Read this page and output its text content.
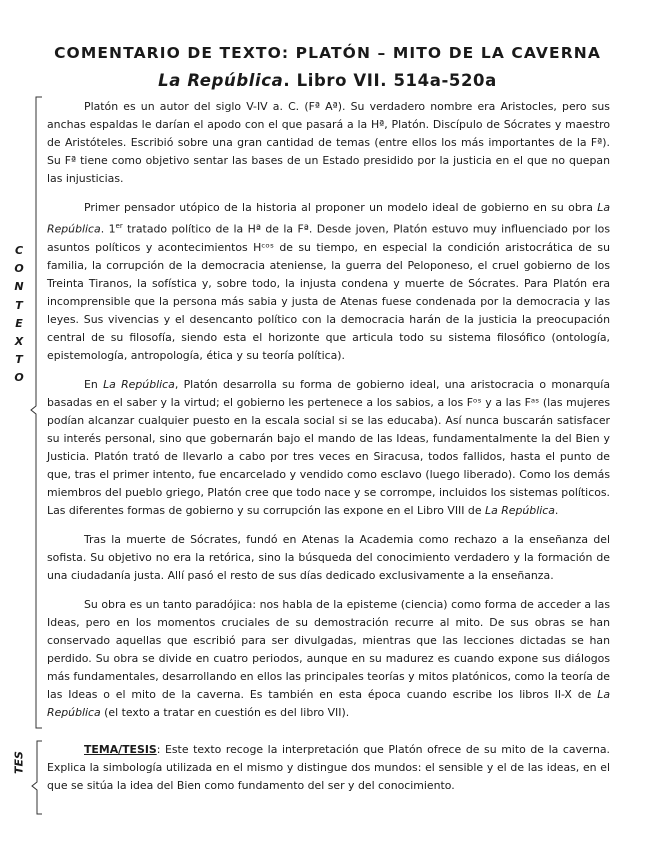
COMENTARIO DE TEXTO: PLATÓN – MITO DE LA CAVERNA
La República. Libro VII. 514a-520a
C
O
N
T
E
X
T
O
TES

Platón es un autor del siglo V-IV a. C. (Fª Aª). Su verdadero nombre era Aristocles, pero sus anchas espaldas le darían el apodo con el que pasará a la Hª, Platón. Discípulo de Sócrates y maestro de Aristóteles. Escribió sobre una gran cantidad de temas (entre ellos los más importantes de la Fª). Su Fª tiene como objetivo sentar las bases de un Estado presidido por la justicia en el que no quepan las injusticias.

Primer pensador utópico de la historia al proponer un modelo ideal de gobierno en su obra La República. 1er tratado político de la Hª de la Fª. Desde joven, Platón estuvo muy influenciado por los asuntos políticos y acontecimientos Hᶜᵒˢ de su tiempo, en especial la condición aristocrática de su familia, la corrupción de la democracia ateniense, la guerra del Peloponeso, el cruel gobierno de los Treinta Tiranos, la sofística y, sobre todo, la injusta condena y muerte de Sócrates. Para Platón era incomprensible que la persona más sabia y justa de Atenas fuese condenada por la democracia y las leyes. Sus vivencias y el desencanto político con la democracia harán de la justicia la preocupación central de su filosofía, siendo esta el horizonte que articula todo su sistema filosófico (ontología, epistemología, antropología, ética y su teoría política).

En La República, Platón desarrolla su forma de gobierno ideal, una aristocracia o monarquía basadas en el saber y la virtud; el gobierno les pertenece a los sabios, a los Fᵒˢ y a las Fᵃˢ (las mujeres podían alcanzar cualquier puesto en la escala social si se las educaba). Así nunca buscarán satisfacer su interés personal, sino que gobernarán bajo el mando de las Ideas, fundamentalmente la del Bien y Justicia. Platón trató de llevarlo a cabo por tres veces en Siracusa, todos fallidos, hasta el punto de que, tras el primer intento, fue encarcelado y vendido como esclavo (luego liberado). Como los demás miembros del pueblo griego, Platón cree que todo nace y se corrompe, incluidos los sistemas políticos. Las diferentes formas de gobierno y su corrupción las expone en el Libro VIII de La República.

Tras la muerte de Sócrates, fundó en Atenas la Academia como rechazo a la enseñanza del sofista. Su objetivo no era la retórica, sino la búsqueda del conocimiento verdadero y la formación de una ciudadanía justa. Allí pasó el resto de sus días dedicado exclusivamente a la enseñanza.

Su obra es un tanto paradójica: nos habla de la episteme (ciencia) como forma de acceder a las Ideas, pero en los momentos cruciales de su demostración recurre al mito. De sus obras se han conservado aquellas que escribió para ser divulgadas, mientras que las lecciones dictadas se han perdido. Su obra se divide en cuatro periodos, aunque en su madurez es cuando expone sus diálogos más fundamentales, desarrollando en ellos las principales teorías y mitos platónicos, como la teoría de las Ideas o el mito de la caverna. Es también en esta época cuando escribe los libros II-X de La República (el texto a tratar en cuestión es del libro VII).

TEMA/TESIS: Este texto recoge la interpretación que Platón ofrece de su mito de la caverna. Explica la simbología utilizada en el mismo y distingue dos mundos: el sensible y el de las ideas, en el que se sitúa la idea del Bien como fundamento del ser y del conocimiento.
